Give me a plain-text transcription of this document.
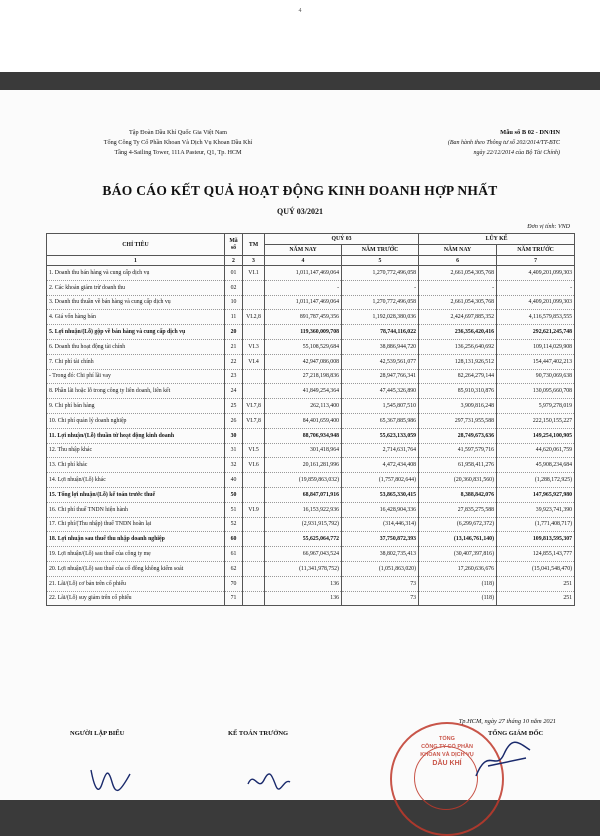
4
Tập Đoàn Dầu Khí Quốc Gia Việt Nam
Tổng Công Ty Cổ Phần Khoan Và Dịch Vụ Khoan Dầu Khí
Tầng 4-Sailing Tower, 111A Pasteur, Q1, Tp. HCM
Mẫu số B 02 - DN/HN
(Ban hành theo Thông tư số 202/2014/TT-BTC
ngày 22/12/2014 của Bộ Tài Chính)
BÁO CÁO KẾT QUẢ HOẠT ĐỘNG KINH DOANH HỢP NHẤT
QUÝ 03/2021
Đơn vị tính: VND
CHỈ TIÊU	Mã số	TM	QUÝ 03		LŨY KẾ	
			NĂM NAY	NĂM TRƯỚC	NĂM NAY	NĂM TRƯỚC
1	2	3	4	5	6	7
1. Doanh thu bán hàng và cung cấp dịch vụ	01	VI.1	1,011,147,469,064	1,270,772,496,058	2,661,054,305,768	4,409,201,099,303
2. Các khoản giảm trừ doanh thu	02		-	-	-	-
3. Doanh thu thuần về bán hàng và cung cấp dịch vụ	10		1,011,147,469,064	1,270,772,496,058	2,661,054,305,768	4,409,201,099,303
4. Giá vốn hàng bán	11	VI.2,8	891,787,459,356	1,192,028,380,036	2,424,697,885,352	4,116,579,853,555
5. Lợi nhuận/(Lỗ) gộp về bán hàng và cung cấp dịch vụ	20		119,360,009,708	78,744,116,022	236,356,420,416	292,621,245,748
6. Doanh thu hoạt động tài chính	21	VI.3	55,108,529,684	38,886,944,720	136,256,640,692	109,114,029,908
7. Chi phí tài chính	22	VI.4	42,947,086,008	42,539,561,077	128,131,926,512	154,447,402,213
- Trong đó: Chi phí lãi vay	23		27,218,198,836	28,947,766,341	82,264,279,144	90,730,069,638
8. Phần lãi hoặc lỗ trong công ty liên doanh, liên kết	24		41,849,254,364	47,445,326,890	85,910,310,876	130,095,660,708
9. Chi phí bán hàng	25	VI.7,8	262,113,400	1,545,807,510	3,909,816,248	5,979,278,019
10. Chi phí quản lý doanh nghiệp	26	VI.7,8	84,401,659,400	65,367,885,986	297,731,955,588	222,150,155,227
11. Lợi nhuận/(Lỗ) thuần từ hoạt động kinh doanh	30		88,706,934,948	55,623,133,059	28,749,673,636	149,254,100,905
12. Thu nhập khác	31	VI.5	301,418,964	2,714,631,764	41,597,579,716	44,620,061,759
13. Chi phí khác	32	VI.6	20,161,281,996	4,472,434,408	61,958,411,276	45,908,234,684
14. Lợi nhuận/(Lỗ) khác	40		(19,859,863,032)	(1,757,802,644)	(20,360,831,560)	(1,288,172,925)
15. Tổng lợi nhuận/(Lỗ) kế toán trước thuế	50		68,847,071,916	53,865,330,415	8,388,842,076	147,965,927,980
16. Chi phí thuế TNDN hiện hành	51	VI.9	16,153,922,936	16,428,904,336	27,835,275,588	39,923,741,390
17. Chi phí/(Thu nhập) thuế TNDN hoãn lại	52		(2,931,915,792)	(314,446,314)	(6,299,672,372)	(1,771,408,717)
18. Lợi nhuận sau thuế thu nhập doanh nghiệp	60		55,625,064,772	37,750,872,393	(13,146,761,140)	109,813,595,307
19. Lợi nhuận/(Lỗ) sau thuế của công ty mẹ	61		66,967,043,524	38,802,735,413	(30,407,397,816)	124,855,143,777
20. Lợi nhuận/(Lỗ) sau thuế của cổ đông không kiểm soát	62		(11,341,978,752)	(1,051,863,020)	17,260,636,676	(15,041,548,470)
21. Lãi/(Lỗ) cơ bản trên cổ phiếu	70		136	73	(118)	251
22. Lãi/(Lỗ) suy giảm trên cổ phiếu	71		136	73	(118)	251
Tp.HCM, ngày 27 tháng 10 năm 2021
NGƯỜI LẬP BIỂU	KẾ TOÁN TRƯỞNG	TỔNG GIÁM ĐỐC
TỔNG
CÔNG TY CỔ PHẦN
KHOAN VÀ DỊCH VỤ
DẦU KHÍ
